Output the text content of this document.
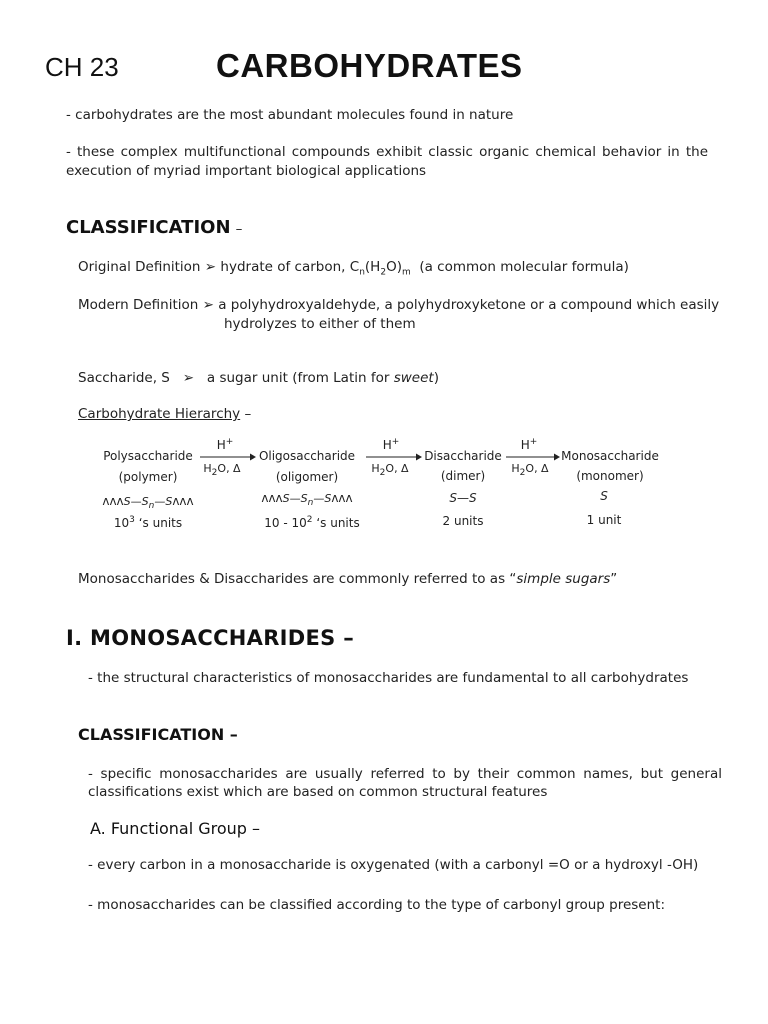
CH 23	CARBOHYDRATES
- carbohydrates are the most abundant molecules found in nature
- these complex multifunctional compounds exhibit classic organic chemical behavior in the execution of myriad important biological applications
CLASSIFICATION –
Original Definition ➢ hydrate of carbon, $C_n(H_2O)_m$ (a common molecular formula)
Modern Definition ➢ a polyhydroxyaldehyde, a polyhydroxyketone or a compound which easily
hydrolyzes to either of them
Saccharide, S ➢ a sugar unit (from Latin for sweet)
Carbohydrate Hierarchy –
Polysaccharide
(polymer)
$ʌʌʌS—S_n—Sʌʌʌ$
$10^3$ ‘s units
H+
$H_2O$, Δ
Oligosaccharide
(oligomer)
$ʌʌʌS—S_n—Sʌʌʌ$
$10 - 10^2$ ‘s units
H+
$H_2O$, Δ
Disaccharide
(dimer)
S—S
2 units
H+
$H_2O$, Δ
Monosaccharide
(monomer)
S
1 unit
Monosaccharides & Disaccharides are commonly referred to as “simple sugars”
I. MONOSACCHARIDES –
- the structural characteristics of monosaccharides are fundamental to all carbohydrates
CLASSIFICATION –
- specific monosaccharides are usually referred to by their common names, but general classifications exist which are based on common structural features
A. Functional Group –
- every carbon in a monosaccharide is oxygenated (with a carbonyl =O or a hydroxyl -OH)
- monosaccharides can be classified according to the type of carbonyl group present:
